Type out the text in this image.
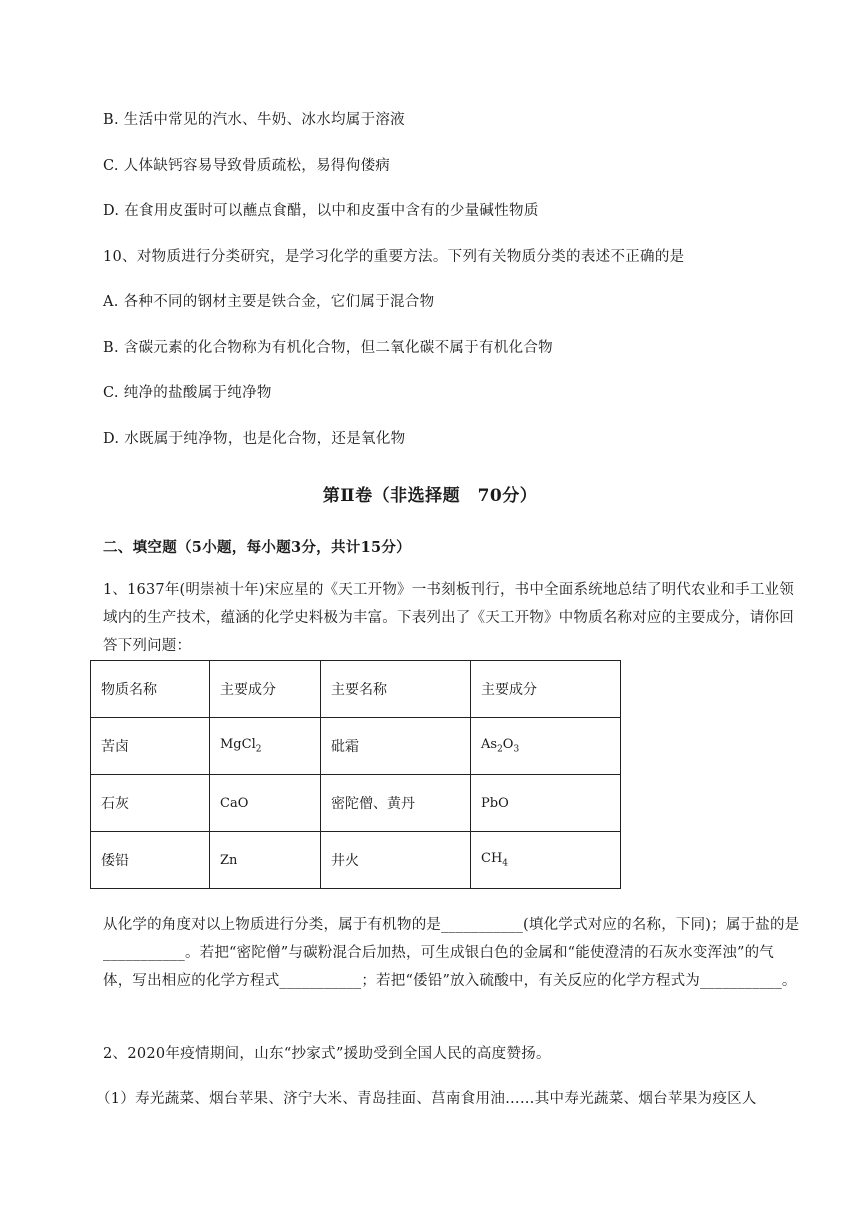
B. 生活中常见的汽水、牛奶、冰水均属于溶液
C. 人体缺钙容易导致骨质疏松，易得佝偻病
D. 在食用皮蛋时可以蘸点食醋，以中和皮蛋中含有的少量碱性物质
10、对物质进行分类研究，是学习化学的重要方法。下列有关物质分类的表述不正确的是
A. 各种不同的钢材主要是铁合金，它们属于混合物
B. 含碳元素的化合物称为有机化合物，但二氧化碳不属于有机化合物
C. 纯净的盐酸属于纯净物
D. 水既属于纯净物，也是化合物，还是氧化物
第Ⅱ卷（非选择题　70分）
二、填空题（5小题，每小题3分，共计15分）
1、1637年(明崇祯十年)宋应星的《天工开物》一书刻板刊行，书中全面系统地总结了明代农业和手工业领域内的生产技术，蕴涵的化学史料极为丰富。下表列出了《天工开物》中物质名称对应的主要成分，请你回答下列问题：
物质名称	主要成分	主要名称	主要成分
苦卤	MgCl$_2$	砒霜	$As_2O_3$
石灰	CaO	密陀僧、黄丹	PbO
倭铅	Zn	井火	$CH_4$
从化学的角度对以上物质进行分类，属于有机物的是___________(填化学式对应的名称，下同)；属于盐的是___________。若把“密陀僧”与碳粉混合后加热，可生成银白色的金属和“能使澄清的石灰水变浑浊”的气体，写出相应的化学方程式___________；若把“倭铅”放入硫酸中，有关反应的化学方程式为___________。
2、2020年疫情期间，山东“抄家式”援助受到全国人民的高度赞扬。
（1）寿光蔬菜、烟台苹果、济宁大米、青岛挂面、莒南食用油……其中寿光蔬菜、烟台苹果为疫区人
